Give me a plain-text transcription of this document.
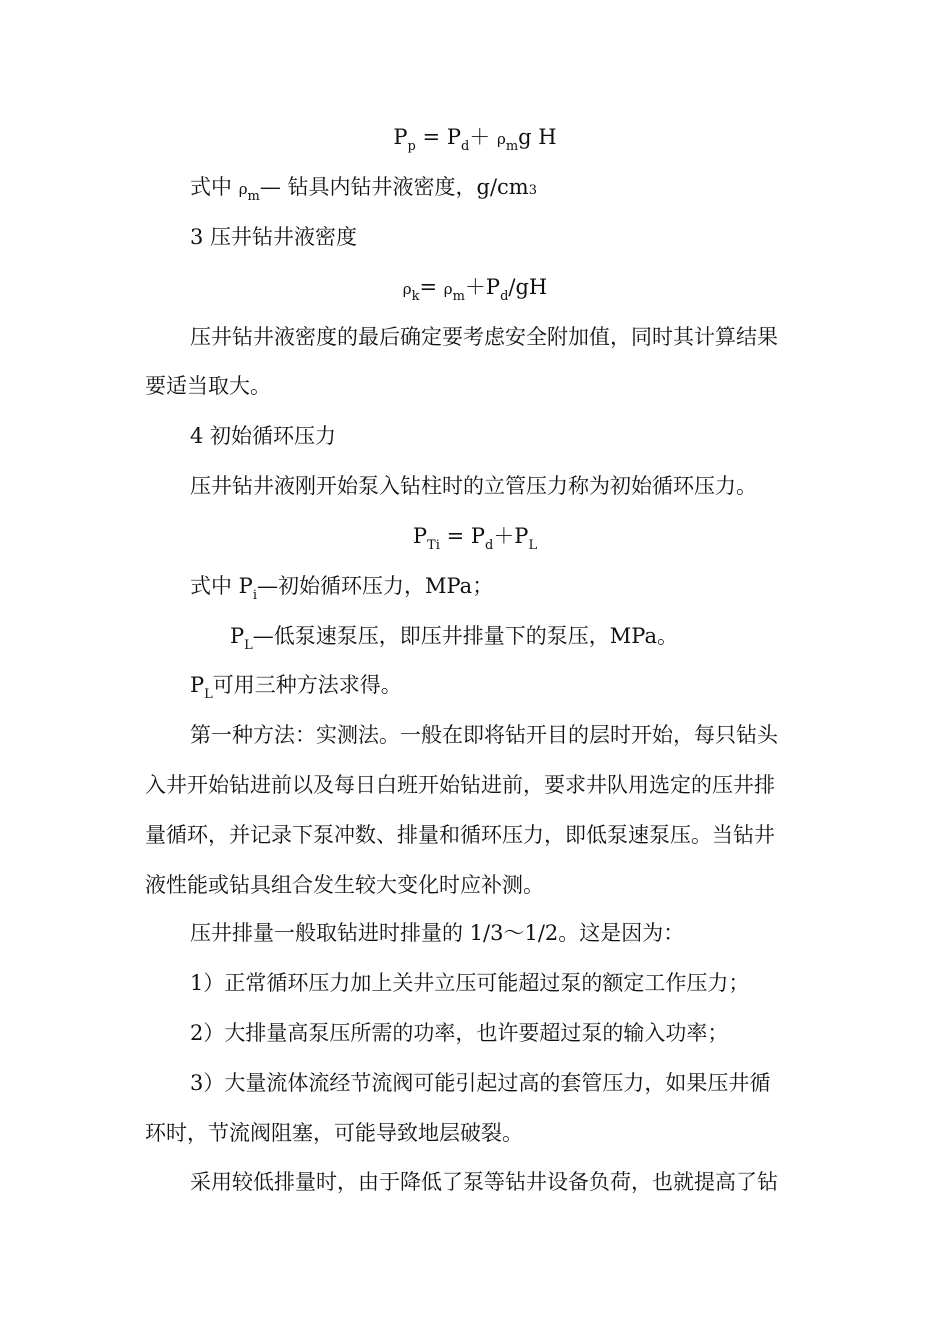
$P_p = P_d+ \rho_mg$ H
式中 $\rho_m—$ 钻具内钻井液密度，g/cm3
3 压井钻井液密度
$\rho_k= \rho_m+P_d/gH$
压井钻井液密度的最后确定要考虑安全附加值，同时其计算结果
要适当取大。
4 初始循环压力
压井钻井液刚开始泵入钻柱时的立管压力称为初始循环压力。
$P_{Ti} = P_d+P_L$
式中 $P_i—$初始循环压力，MPa；
$P_L—$低泵速泵压，即压井排量下的泵压，MPa。
$P_L$可用三种方法求得。
第一种方法：实测法。一般在即将钻开目的层时开始，每只钻头
入井开始钻进前以及每日白班开始钻进前，要求井队用选定的压井排
量循环，并记录下泵冲数、排量和循环压力，即低泵速泵压。当钻井
液性能或钻具组合发生较大变化时应补测。
压井排量一般取钻进时排量的 1/3～1/2。这是因为：
1）正常循环压力加上关井立压可能超过泵的额定工作压力；
2）大排量高泵压所需的功率，也许要超过泵的输入功率；
3）大量流体流经节流阀可能引起过高的套管压力，如果压井循
环时，节流阀阻塞，可能导致地层破裂。
采用较低排量时，由于降低了泵等钻井设备负荷，也就提高了钻
